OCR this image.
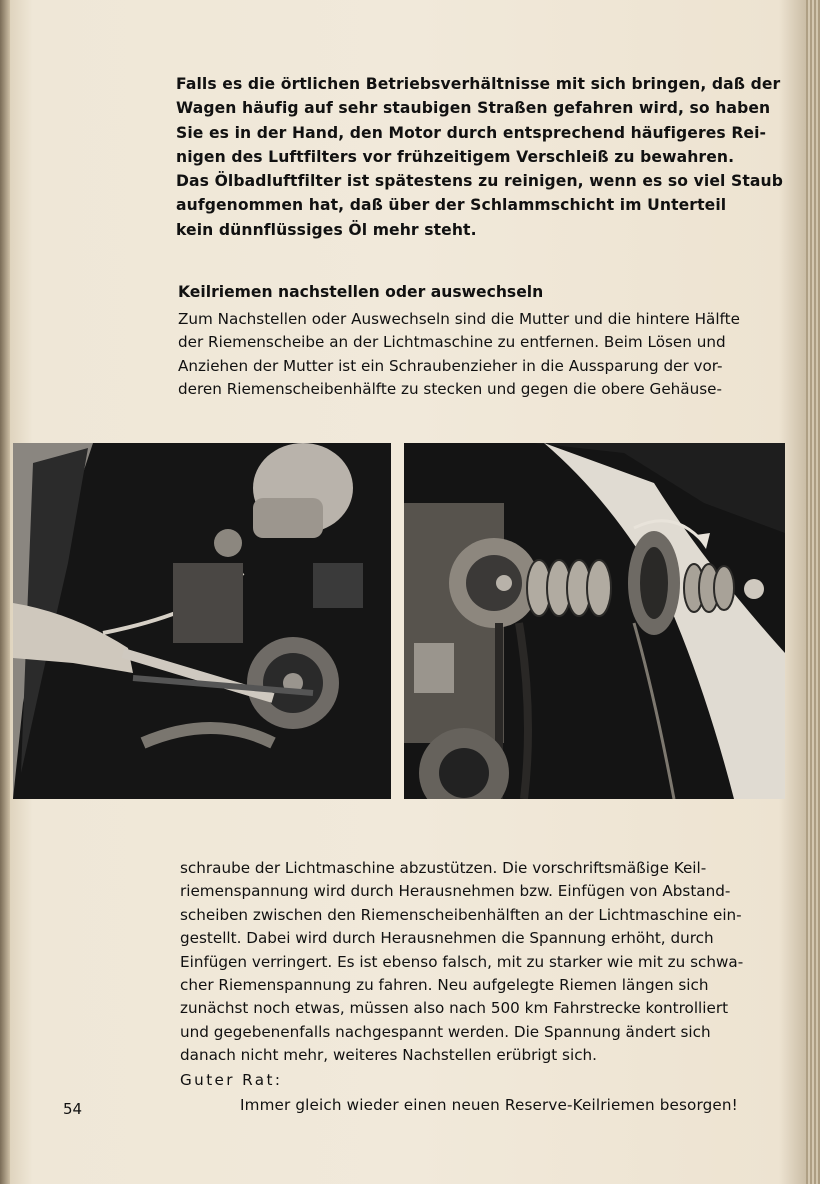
Falls es die örtlichen Betriebsverhältnisse mit sich bringen, daß der
Wagen häufig auf sehr staubigen Straßen gefahren wird, so haben
Sie es in der Hand, den Motor durch entsprechend häufigeres Rei-
nigen des Luftfilters vor frühzeitigem Verschleiß zu bewahren.
Das Ölbadluftfilter ist spätestens zu reinigen, wenn es so viel Staub
aufgenommen hat, daß über der Schlammschicht im Unterteil
kein dünnflüssiges Öl mehr steht.
Keilriemen nachstellen oder auswechseln
Zum Nachstellen oder Auswechseln sind die Mutter und die hintere Hälfte
der Riemenscheibe an der Lichtmaschine zu entfernen. Beim Lösen und
Anziehen der Mutter ist ein Schraubenzieher in die Aussparung der vor-
deren Riemenscheibenhälfte zu stecken und gegen die obere Gehäuse-
schraube der Lichtmaschine abzustützen. Die vorschriftsmäßige Keil-
riemenspannung wird durch Herausnehmen bzw. Einfügen von Abstand-
scheiben zwischen den Riemenscheibenhälften an der Lichtmaschine ein-
gestellt. Dabei wird durch Herausnehmen die Spannung erhöht, durch
Einfügen verringert. Es ist ebenso falsch, mit zu starker wie mit zu schwa-
cher Riemenspannung zu fahren. Neu aufgelegte Riemen längen sich
zunächst noch etwas, müssen also nach 500 km Fahrstrecke kontrolliert
und gegebenenfalls nachgespannt werden. Die Spannung ändert sich
danach nicht mehr, weiteres Nachstellen erübrigt sich.
Guter Rat:
Immer gleich wieder einen neuen Reserve-Keilriemen besorgen!
54
